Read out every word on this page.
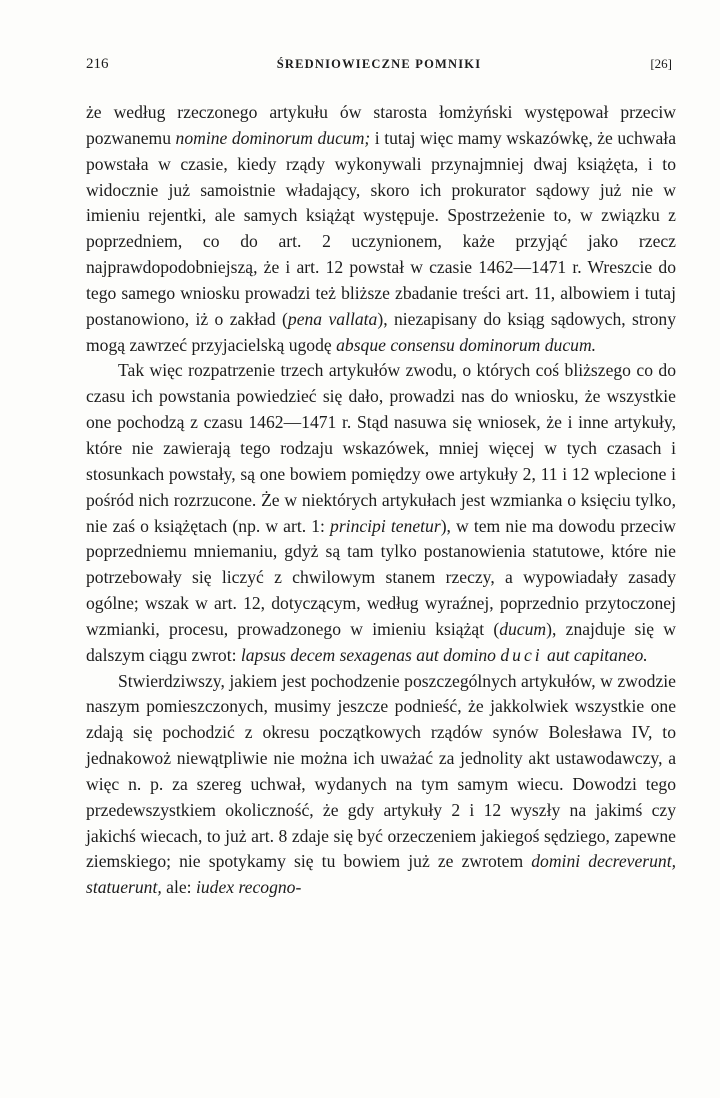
216	ŚREDNIOWIECZNE POMNIKI	[26]

że według rzeczonego artykułu ów starosta łomżyński występował przeciw pozwanemu nomine dominorum ducum; i tutaj więc mamy wskazówkę, że uchwała powstała w czasie, kiedy rządy wykonywali przynajmniej dwaj książęta, i to widocznie już samoistnie władający, skoro ich prokurator sądowy już nie w imieniu rejentki, ale samych książąt występuje. Spostrzeżenie to, w związku z poprzedniem, co do art. 2 uczynionem, każe przyjąć jako rzecz najprawdopodobniejszą, że i art. 12 powstał w czasie 1462—1471 r. Wreszcie do tego samego wniosku prowadzi też bliższe zbadanie treści art. 11, albowiem i tutaj postanowiono, iż o zakład (pena vallata), niezapisany do ksiąg sądowych, strony mogą zawrzeć przyjacielską ugodę absque consensu dominorum ducum.

Tak więc rozpatrzenie trzech artykułów zwodu, o których coś bliższego co do czasu ich powstania powiedzieć się dało, prowadzi nas do wniosku, że wszystkie one pochodzą z czasu 1462—1471 r. Stąd nasuwa się wniosek, że i inne artykuły, które nie zawierają tego rodzaju wskazówek, mniej więcej w tych czasach i stosunkach powstały, są one bowiem pomiędzy owe artykuły 2, 11 i 12 wplecione i pośród nich rozrzucone. Że w niektórych artykułach jest wzmianka o księciu tylko, nie zaś o książętach (np. w art. 1: principi tenetur), w tem nie ma dowodu przeciw poprzedniemu mniemaniu, gdyż są tam tylko postanowienia statutowe, które nie potrzebowały się liczyć z chwilowym stanem rzeczy, a wypowiadały zasady ogólne; wszak w art. 12, dotyczącym, według wyraźnej, poprzednio przytoczonej wzmianki, procesu, prowadzonego w imieniu książąt (ducum), znajduje się w dalszym ciągu zwrot: lapsus decem sexagenas aut domino duci aut capitaneo.

Stwierdziwszy, jakiem jest pochodzenie poszczególnych artykułów, w zwodzie naszym pomieszczonych, musimy jeszcze podnieść, że jakkolwiek wszystkie one zdają się pochodzić z okresu początkowych rządów synów Bolesława IV, to jednakowoż niewątpliwie nie można ich uważać za jednolity akt ustawodawczy, a więc n. p. za szereg uchwał, wydanych na tym samym wiecu. Dowodzi tego przedewszystkiem okoliczność, że gdy artykuły 2 i 12 wyszły na jakimś czy jakichś wiecach, to już art. 8 zdaje się być orzeczeniem jakiegoś sędziego, zapewne ziemskiego; nie spotykamy się tu bowiem już ze zwrotem domini decreverunt, statuerunt, ale: iudex recogno-
